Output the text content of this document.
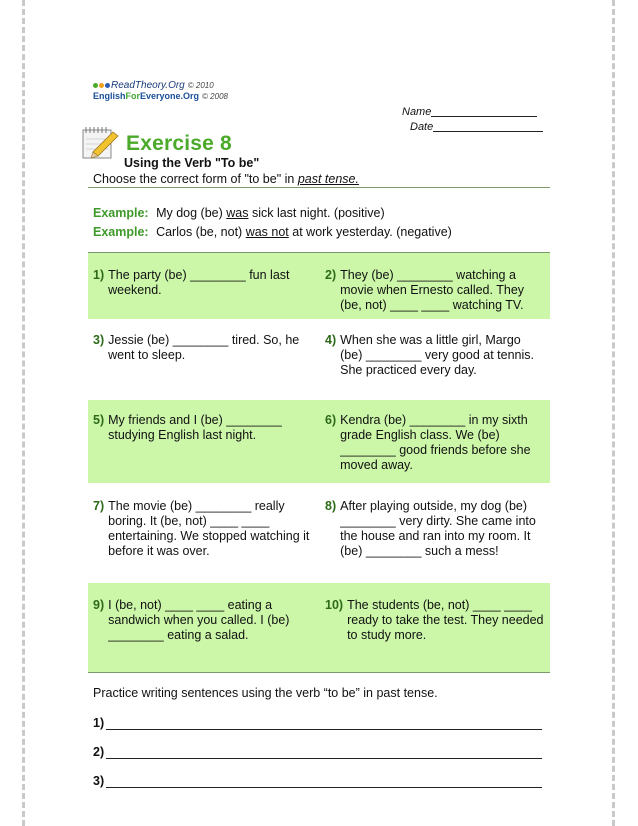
ReadTheory.Org © 2010
EnglishForEveryone.Org © 2008
Name
Date
Exercise 8
Using the Verb "To be"
Choose the correct form of "to be" in past tense.
Example: My dog (be) was sick last night. (positive)
Example: Carlos (be, not) was not at work yesterday. (negative)
1) The party (be) ________ fun last weekend.
2) They (be) ________ watching a movie when Ernesto called. They (be, not) ____ ____ watching TV.
3) Jessie (be) ________ tired. So, he went to sleep.
4) When she was a little girl, Margo (be) ________ very good at tennis. She practiced every day.
5) My friends and I (be) ________ studying English last night.
6) Kendra (be) ________ in my sixth grade English class. We (be) ________ good friends before she moved away.
7) The movie (be) ________ really boring. It (be, not) ____ ____ entertaining. We stopped watching it before it was over.
8) After playing outside, my dog (be) ________ very dirty. She came into the house and ran into my room. It (be) ________ such a mess!
9) I (be, not) ____ ____ eating a sandwich when you called. I (be) ________ eating a salad.
10) The students (be, not) ____ ____ ready to take the test. They needed to study more.
Practice writing sentences using the verb “to be” in past tense.
1)
2)
3)
